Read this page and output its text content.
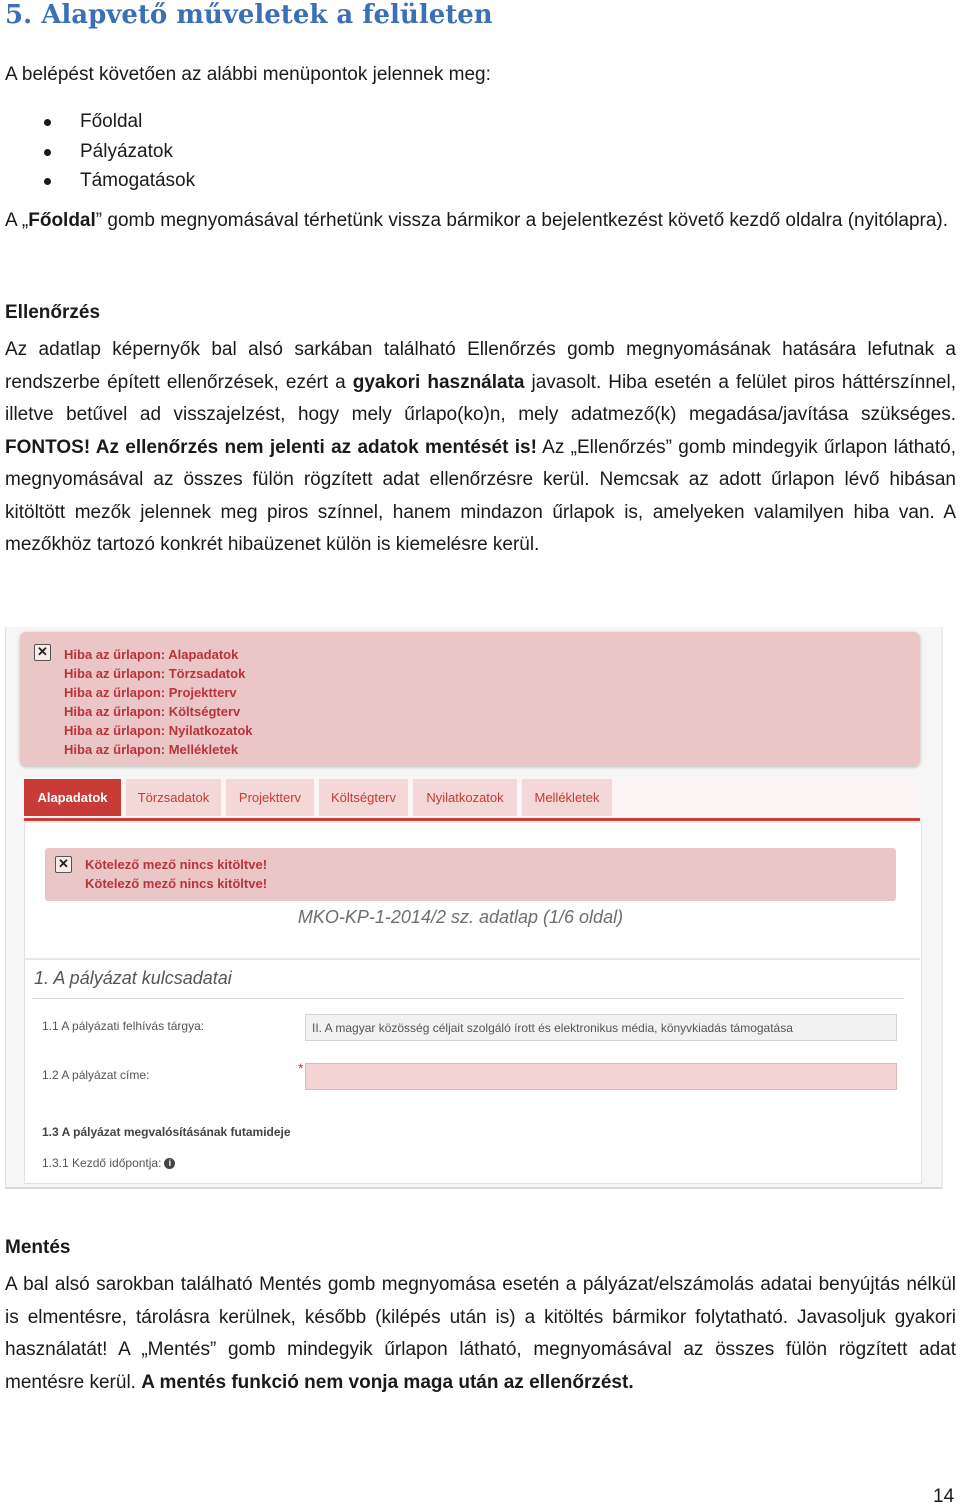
5. Alapvető műveletek a felületen
A belépést követően az alábbi menüpontok jelennek meg:
Főoldal
Pályázatok
Támogatások
A „Főoldal” gomb megnyomásával térhetünk vissza bármikor a bejelentkezést követő kezdő oldalra (nyitólapra).
Ellenőrzés
Az adatlap képernyők bal alsó sarkában található Ellenőrzés gomb megnyomásának hatására lefutnak a rendszerbe épített ellenőrzések, ezért a gyakori használata javasolt. Hiba esetén a felület piros háttérszínnel, illetve betűvel ad visszajelzést, hogy mely űrlapo(ko)n, mely adatmező(k) megadása/javítása szükséges. FONTOS! Az ellenőrzés nem jelenti az adatok mentését is! Az „Ellenőrzés” gomb mindegyik űrlapon látható, megnyomásával az összes fülön rögzített adat ellenőrzésre kerül. Nemcsak az adott űrlapon lévő hibásan kitöltött mezők jelennek meg piros színnel, hanem mindazon űrlapok is, amelyeken valamilyen hiba van. A mezőkhöz tartozó konkrét hibaüzenet külön is kiemelésre kerül.
✕ Hiba az űrlapon: Alapadatok
Hiba az űrlapon: Törzsadatok
Hiba az űrlapon: Projektterv
Hiba az űrlapon: Költségterv
Hiba az űrlapon: Nyilatkozatok
Hiba az űrlapon: Mellékletek
Alapadatok	Törzsadatok	Projektterv	Költségterv	Nyilatkozatok	Mellékletek
✕ Kötelező mező nincs kitöltve!
Kötelező mező nincs kitöltve!
MKO-KP-1-2014/2 sz. adatlap (1/6 oldal)
1. A pályázat kulcsadatai
1.1 A pályázati felhívás tárgya:	II. A magyar közösség céljait szolgáló írott és elektronikus média, könyvkiadás támogatása
1.2 A pályázat címe:	*
1.3 A pályázat megvalósításának futamideje
1.3.1 Kezdő időpontja: i
Mentés
A bal alsó sarokban található Mentés gomb megnyomása esetén a pályázat/elszámolás adatai benyújtás nélkül is elmentésre, tárolásra kerülnek, később (kilépés után is) a kitöltés bármikor folytatható. Javasoljuk gyakori használatát! A „Mentés” gomb mindegyik űrlapon látható, megnyomásával az összes fülön rögzített adat mentésre kerül. A mentés funkció nem vonja maga után az ellenőrzést.
14
